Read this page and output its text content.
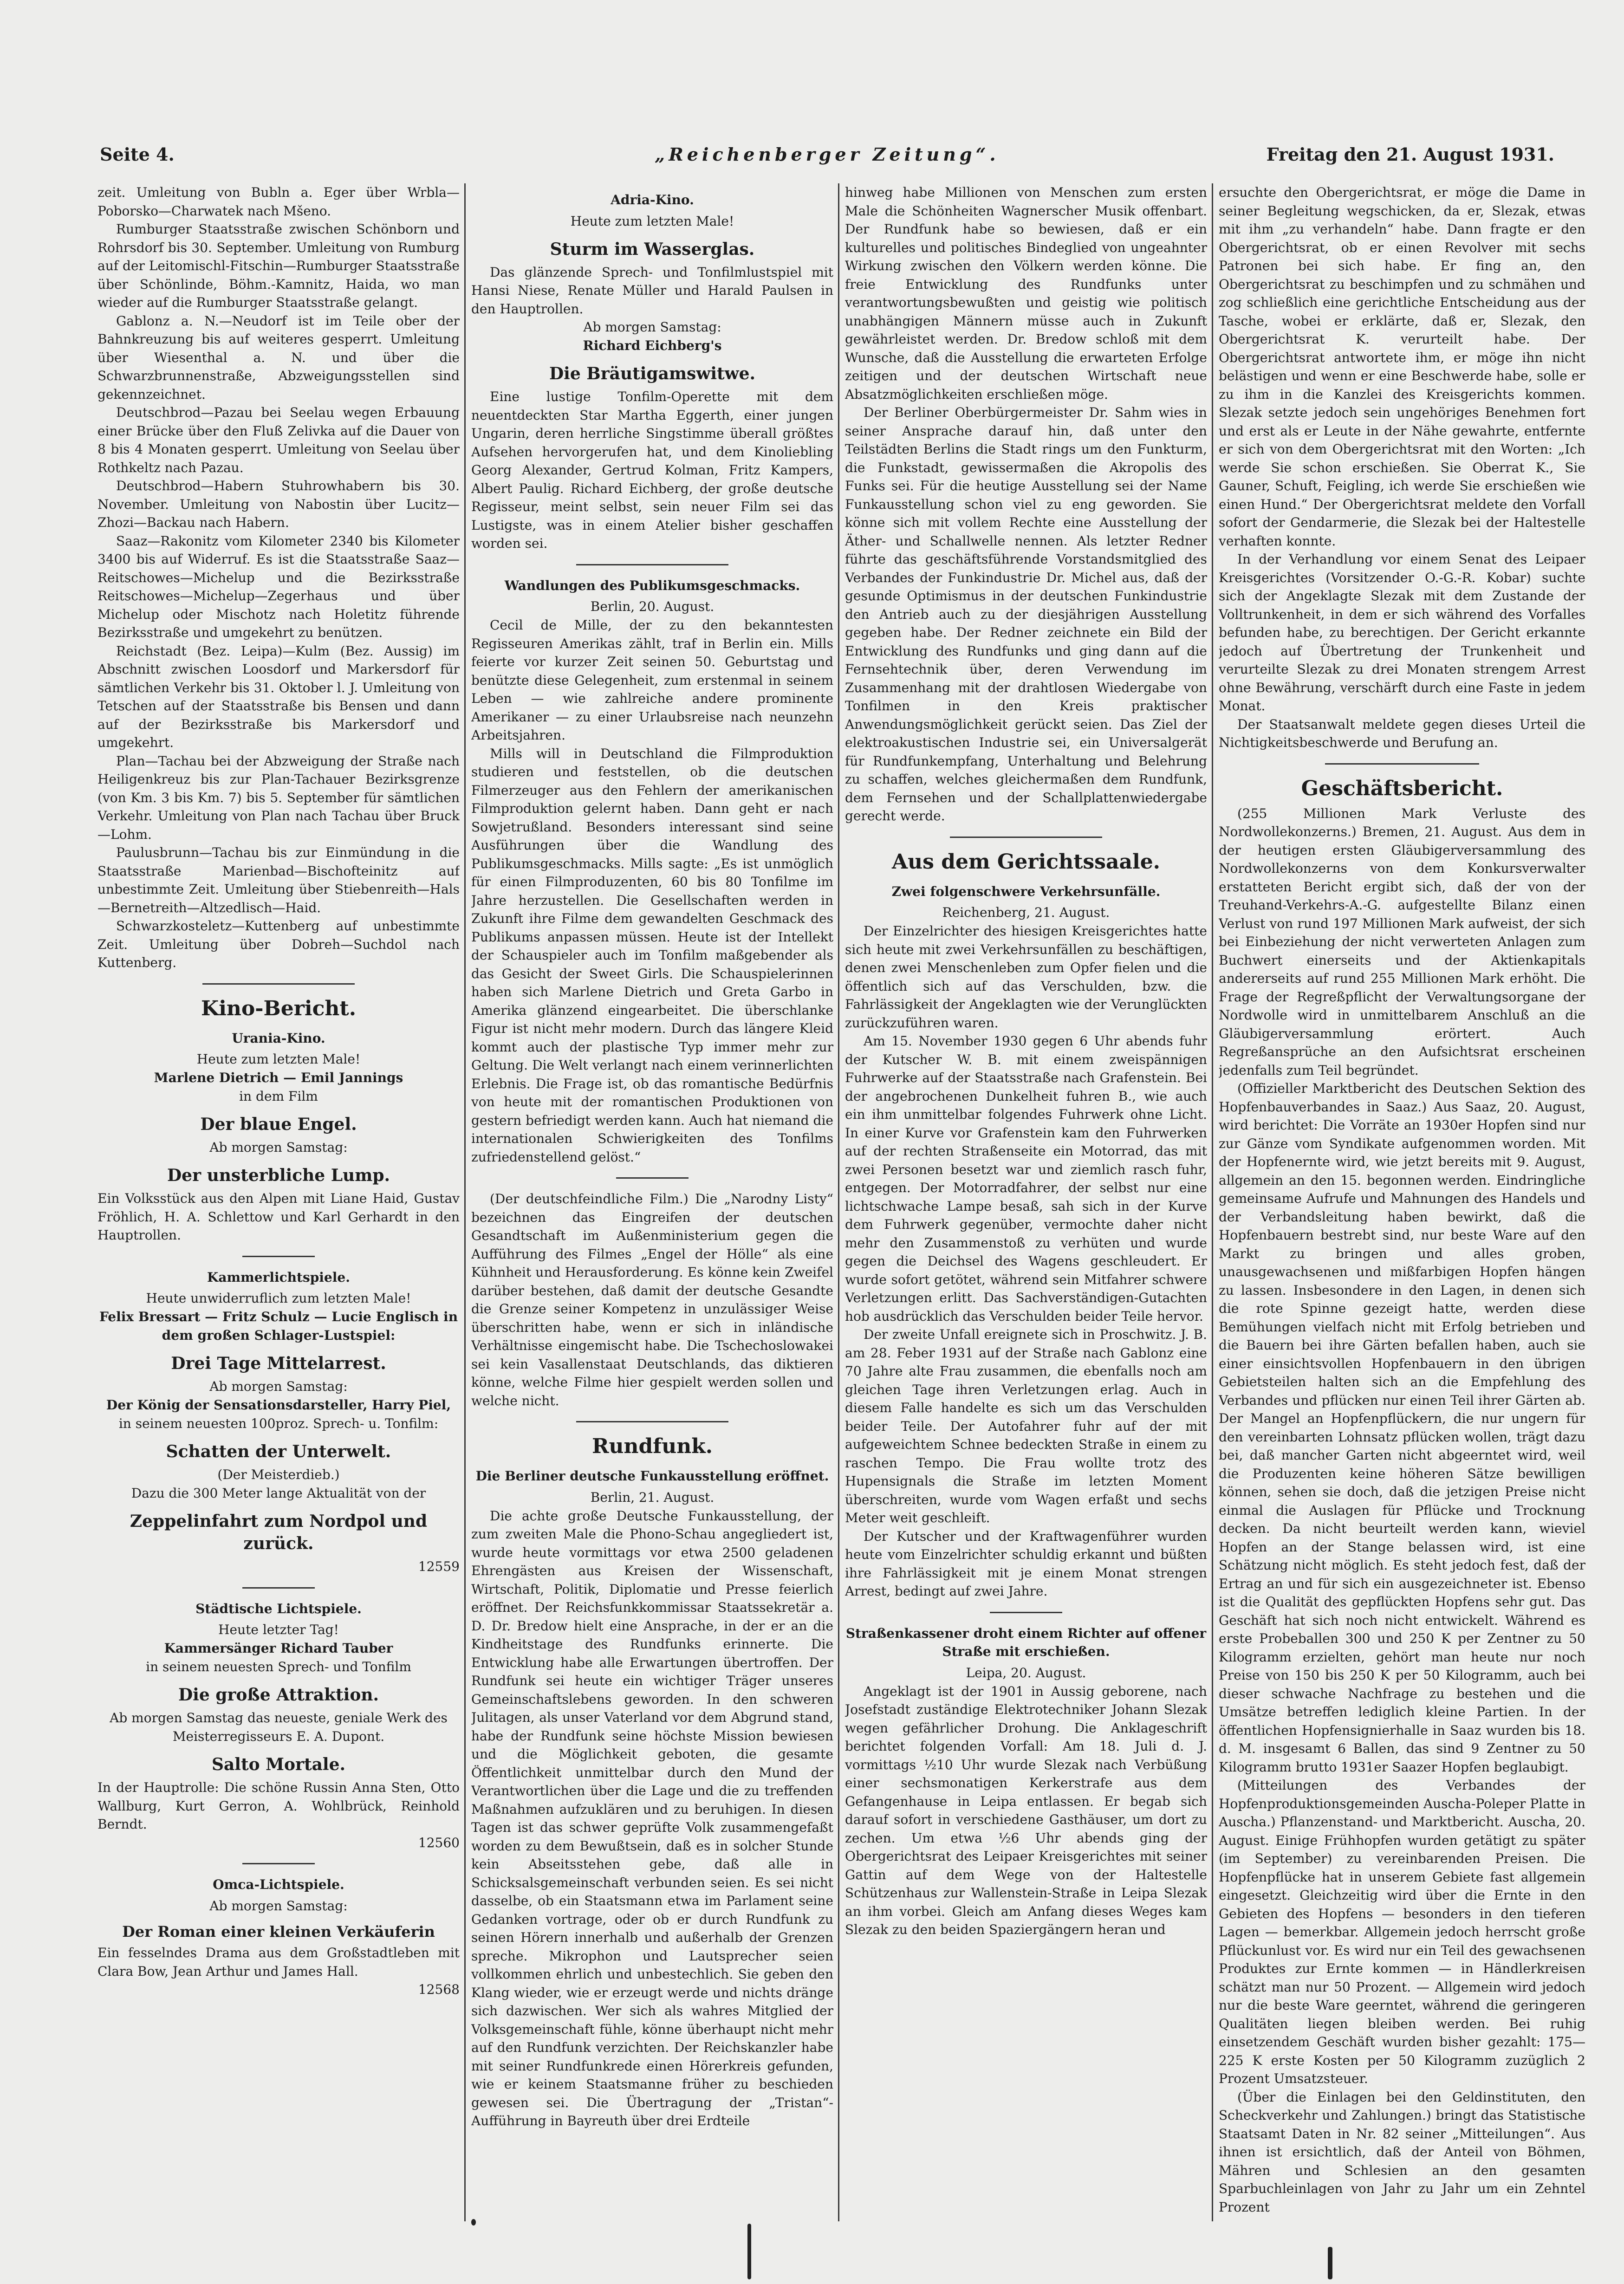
Seite 4.	„Reichenberger Zeitung“.	Freitag den 21. August 1931.

zeit. Umleitung von Bubln a. Eger über Wrbla—Poborsko—Charwatek nach Mšeno.

Rumburger Staatsstraße zwischen Schönborn und Rohrsdorf bis 30. September. Umleitung von Rumburg auf der Leitomischl-Fitschin—Rumburger Staatsstraße über Schönlinde, Böhm.-Kamnitz, Haida, wo man wieder auf die Rumburger Staatsstraße gelangt.

Gablonz a. N.—Neudorf ist im Teile ober der Bahnkreuzung bis auf weiteres gesperrt. Umleitung über Wiesenthal a. N. und über die Schwarzbrunnenstraße, Abzweigungsstellen sind gekennzeichnet.

Deutschbrod—Pazau bei Seelau wegen Erbauung einer Brücke über den Fluß Zelivka auf die Dauer von 8 bis 4 Monaten gesperrt. Umleitung von Seelau über Rothkeltz nach Pazau.

Deutschbrod—Habern Stuhrowhabern bis 30. November. Umleitung von Nabostin über Lucitz—Zhozi—Backau nach Habern.

Saaz—Rakonitz vom Kilometer 2340 bis Kilometer 3400 bis auf Widerruf. Es ist die Staatsstraße Saaz—Reitschowes—Michelup und die Bezirksstraße Reitschowes—Michelup—Zegerhaus und über Michelup oder Mischotz nach Holetitz führende Bezirksstraße und umgekehrt zu benützen.

Reichstadt (Bez. Leipa)—Kulm (Bez. Aussig) im Abschnitt zwischen Loosdorf und Markersdorf für sämtlichen Verkehr bis 31. Oktober l. J. Umleitung von Tetschen auf der Staatsstraße bis Bensen und dann auf der Bezirksstraße bis Markersdorf und umgekehrt.

Plan—Tachau bei der Abzweigung der Straße nach Heiligenkreuz bis zur Plan-Tachauer Bezirksgrenze (von Km. 3 bis Km. 7) bis 5. September für sämtlichen Verkehr. Umleitung von Plan nach Tachau über Bruck—Lohm.

Paulusbrunn—Tachau bis zur Einmündung in die Staatsstraße Marienbad—Bischofteinitz auf unbestimmte Zeit. Umleitung über Stiebenreith—Hals—Bernetreith—Altzedlisch—Haid.

Schwarzkosteletz—Kuttenberg auf unbestimmte Zeit. Umleitung über Dobreh—Suchdol nach Kuttenberg.

Kino-Bericht.
Urania-Kino.
Heute zum letzten Male!
Marlene Dietrich — Emil Jannings
in dem Film
Der blaue Engel.
Ab morgen Samstag:
Der unsterbliche Lump.

Ein Volksstück aus den Alpen mit Liane Haid, Gustav Fröhlich, H. A. Schlettow und Karl Gerhardt in den Hauptrollen.

Kammerlichtspiele.
Heute unwiderruflich zum letzten Male!
Felix Bressart — Fritz Schulz — Lucie Englisch in dem großen Schlager-Lustspiel:
Drei Tage Mittelarrest.
Ab morgen Samstag:
Der König der Sensationsdarsteller, Harry Piel,
in seinem neuesten 100proz. Sprech- u. Tonfilm:
Schatten der Unterwelt.
(Der Meisterdieb.)
Dazu die 300 Meter lange Aktualität von der
Zeppelinfahrt zum Nordpol und zurück.
12559
Städtische Lichtspiele.
Heute letzter Tag!
Kammersänger Richard Tauber
in seinem neuesten Sprech- und Tonfilm
Die große Attraktion.
Ab morgen Samstag das neueste, geniale Werk des Meisterregisseurs E. A. Dupont.
Salto Mortale.

In der Hauptrolle: Die schöne Russin Anna Sten, Otto Wallburg, Kurt Gerron, A. Wohlbrück, Reinhold Berndt.

12560
Omca-Lichtspiele.
Ab morgen Samstag:
Der Roman einer kleinen Verkäuferin

Ein fesselndes Drama aus dem Großstadtleben mit Clara Bow, Jean Arthur und James Hall.

12568
Adria-Kino.
Heute zum letzten Male!
Sturm im Wasserglas.

Das glänzende Sprech- und Tonfilmlustspiel mit Hansi Niese, Renate Müller und Harald Paulsen in den Hauptrollen.

Ab morgen Samstag:
Richard Eichberg's
Die Bräutigamswitwe.

Eine lustige Tonfilm-Operette mit dem neuentdeckten Star Martha Eggerth, einer jungen Ungarin, deren herrliche Singstimme überall größtes Aufsehen hervorgerufen hat, und dem Kinoliebling Georg Alexander, Gertrud Kolman, Fritz Kampers, Albert Paulig. Richard Eichberg, der große deutsche Regisseur, meint selbst, sein neuer Film sei das Lustigste, was in einem Atelier bisher geschaffen worden sei.

Wandlungen des Publikumsgeschmacks.
Berlin, 20. August.

Cecil de Mille, der zu den bekanntesten Regisseuren Amerikas zählt, traf in Berlin ein. Mills feierte vor kurzer Zeit seinen 50. Geburtstag und benützte diese Gelegenheit, zum erstenmal in seinem Leben — wie zahlreiche andere prominente Amerikaner — zu einer Urlaubsreise nach neunzehn Arbeitsjahren.

Mills will in Deutschland die Filmproduktion studieren und feststellen, ob die deutschen Filmerzeuger aus den Fehlern der amerikanischen Filmproduktion gelernt haben. Dann geht er nach Sowjetrußland. Besonders interessant sind seine Ausführungen über die Wandlung des Publikumsgeschmacks. Mills sagte: „Es ist unmöglich für einen Filmproduzenten, 60 bis 80 Tonfilme im Jahre herzustellen. Die Gesellschaften werden in Zukunft ihre Filme dem gewandelten Geschmack des Publikums anpassen müssen. Heute ist der Intellekt der Schauspieler auch im Tonfilm maßgebender als das Gesicht der Sweet Girls. Die Schauspielerinnen haben sich Marlene Dietrich und Greta Garbo in Amerika glänzend eingearbeitet. Die überschlanke Figur ist nicht mehr modern. Durch das längere Kleid kommt auch der plastische Typ immer mehr zur Geltung. Die Welt verlangt nach einem verinnerlichten Erlebnis. Die Frage ist, ob das romantische Bedürfnis von heute mit der romantischen Produktionen von gestern befriedigt werden kann. Auch hat niemand die internationalen Schwierigkeiten des Tonfilms zufriedenstellend gelöst.“

(Der deutschfeindliche Film.) Die „Narodny Listy“ bezeichnen das Eingreifen der deutschen Gesandtschaft im Außenministerium gegen die Aufführung des Filmes „Engel der Hölle“ als eine Kühnheit und Herausforderung. Es könne kein Zweifel darüber bestehen, daß damit der deutsche Gesandte die Grenze seiner Kompetenz in unzulässiger Weise überschritten habe, wenn er sich in inländische Verhältnisse eingemischt habe. Die Tschechoslowakei sei kein Vasallenstaat Deutschlands, das diktieren könne, welche Filme hier gespielt werden sollen und welche nicht.

Rundfunk.
Die Berliner deutsche Funkausstellung eröffnet.
Berlin, 21. August.

Die achte große Deutsche Funkausstellung, der zum zweiten Male die Phono-Schau angegliedert ist, wurde heute vormittags vor etwa 2500 geladenen Ehrengästen aus Kreisen der Wissenschaft, Wirtschaft, Politik, Diplomatie und Presse feierlich eröffnet. Der Reichsfunkkommissar Staatssekretär a. D. Dr. Bredow hielt eine Ansprache, in der er an die Kindheitstage des Rundfunks erinnerte. Die Entwicklung habe alle Erwartungen übertroffen. Der Rundfunk sei heute ein wichtiger Träger unseres Gemeinschaftslebens geworden. In den schweren Julitagen, als unser Vaterland vor dem Abgrund stand, habe der Rundfunk seine höchste Mission bewiesen und die Möglichkeit geboten, die gesamte Öffentlichkeit unmittelbar durch den Mund der Verantwortlichen über die Lage und die zu treffenden Maßnahmen aufzuklären und zu beruhigen. In diesen Tagen ist das schwer geprüfte Volk zusammengefaßt worden zu dem Bewußtsein, daß es in solcher Stunde kein Abseitsstehen gebe, daß alle in Schicksalsgemeinschaft verbunden seien. Es sei nicht dasselbe, ob ein Staatsmann etwa im Parlament seine Gedanken vortrage, oder ob er durch Rundfunk zu seinen Hörern innerhalb und außerhalb der Grenzen spreche. Mikrophon und Lautsprecher seien vollkommen ehrlich und unbestechlich. Sie geben den Klang wieder, wie er erzeugt werde und nichts dränge sich dazwischen. Wer sich als wahres Mitglied der Volksgemeinschaft fühle, könne überhaupt nicht mehr auf den Rundfunk verzichten. Der Reichskanzler habe mit seiner Rundfunkrede einen Hörerkreis gefunden, wie er keinem Staatsmanne früher zu beschieden gewesen sei. Die Übertragung der „Tristan“-Aufführung in Bayreuth über drei Erdteile

hinweg habe Millionen von Menschen zum ersten Male die Schönheiten Wagnerscher Musik offenbart. Der Rundfunk habe so bewiesen, daß er ein kulturelles und politisches Bindeglied von ungeahnter Wirkung zwischen den Völkern werden könne. Die freie Entwicklung des Rundfunks unter verantwortungsbewußten und geistig wie politisch unabhängigen Männern müsse auch in Zukunft gewährleistet werden. Dr. Bredow schloß mit dem Wunsche, daß die Ausstellung die erwarteten Erfolge zeitigen und der deutschen Wirtschaft neue Absatzmöglichkeiten erschließen möge.

Der Berliner Oberbürgermeister Dr. Sahm wies in seiner Ansprache darauf hin, daß unter den Teilstädten Berlins die Stadt rings um den Funkturm, die Funkstadt, gewissermaßen die Akropolis des Funks sei. Für die heutige Ausstellung sei der Name Funkausstellung schon viel zu eng geworden. Sie könne sich mit vollem Rechte eine Ausstellung der Äther- und Schallwelle nennen. Als letzter Redner führte das geschäftsführende Vorstandsmitglied des Verbandes der Funkindustrie Dr. Michel aus, daß der gesunde Optimismus in der deutschen Funkindustrie den Antrieb auch zu der diesjährigen Ausstellung gegeben habe. Der Redner zeichnete ein Bild der Entwicklung des Rundfunks und ging dann auf die Fernsehtechnik über, deren Verwendung im Zusammenhang mit der drahtlosen Wiedergabe von Tonfilmen in den Kreis praktischer Anwendungsmöglichkeit gerückt seien. Das Ziel der elektroakustischen Industrie sei, ein Universalgerät für Rundfunkempfang, Unterhaltung und Belehrung zu schaffen, welches gleichermaßen dem Rundfunk, dem Fernsehen und der Schallplattenwiedergabe gerecht werde.

Aus dem Gerichtssaale.
Zwei folgenschwere Verkehrsunfälle.
Reichenberg, 21. August.

Der Einzelrichter des hiesigen Kreisgerichtes hatte sich heute mit zwei Verkehrsunfällen zu beschäftigen, denen zwei Menschenleben zum Opfer fielen und die öffentlich sich auf das Verschulden, bzw. die Fahrlässigkeit der Angeklagten wie der Verunglückten zurückzuführen waren.

Am 15. November 1930 gegen 6 Uhr abends fuhr der Kutscher W. B. mit einem zweispännigen Fuhrwerke auf der Staatsstraße nach Grafenstein. Bei der angebrochenen Dunkelheit fuhren B., wie auch ein ihm unmittelbar folgendes Fuhrwerk ohne Licht. In einer Kurve vor Grafenstein kam den Fuhrwerken auf der rechten Straßenseite ein Motorrad, das mit zwei Personen besetzt war und ziemlich rasch fuhr, entgegen. Der Motorradfahrer, der selbst nur eine lichtschwache Lampe besaß, sah sich in der Kurve dem Fuhrwerk gegenüber, vermochte daher nicht mehr den Zusammenstoß zu verhüten und wurde gegen die Deichsel des Wagens geschleudert. Er wurde sofort getötet, während sein Mitfahrer schwere Verletzungen erlitt. Das Sachverständigen-Gutachten hob ausdrücklich das Verschulden beider Teile hervor.

Der zweite Unfall ereignete sich in Proschwitz. J. B. am 28. Feber 1931 auf der Straße nach Gablonz eine 70 Jahre alte Frau zusammen, die ebenfalls noch am gleichen Tage ihren Verletzungen erlag. Auch in diesem Falle handelte es sich um das Verschulden beider Teile. Der Autofahrer fuhr auf der mit aufgeweichtem Schnee bedeckten Straße in einem zu raschen Tempo. Die Frau wollte trotz des Hupensignals die Straße im letzten Moment überschreiten, wurde vom Wagen erfaßt und sechs Meter weit geschleift.

Der Kutscher und der Kraftwagenführer wurden heute vom Einzelrichter schuldig erkannt und büßten ihre Fahrlässigkeit mit je einem Monat strengen Arrest, bedingt auf zwei Jahre.

Straßenkassener droht einem Richter auf offener Straße mit erschießen.
Leipa, 20. August.

Angeklagt ist der 1901 in Aussig geborene, nach Josefstadt zuständige Elektrotechniker Johann Slezak wegen gefährlicher Drohung. Die Anklageschrift berichtet folgenden Vorfall: Am 18. Juli d. J. vormittags ½10 Uhr wurde Slezak nach Verbüßung einer sechsmonatigen Kerkerstrafe aus dem Gefangenhause in Leipa entlassen. Er begab sich darauf sofort in verschiedene Gasthäuser, um dort zu zechen. Um etwa ½6 Uhr abends ging der Obergerichtsrat des Leipaer Kreisgerichtes mit seiner Gattin auf dem Wege von der Haltestelle Schützenhaus zur Wallenstein-Straße in Leipa Slezak an ihm vorbei. Gleich am Anfang dieses Weges kam Slezak zu den beiden Spaziergängern heran und

ersuchte den Obergerichtsrat, er möge die Dame in seiner Begleitung wegschicken, da er, Slezak, etwas mit ihm „zu verhandeln“ habe. Dann fragte er den Obergerichtsrat, ob er einen Revolver mit sechs Patronen bei sich habe. Er fing an, den Obergerichtsrat zu beschimpfen und zu schmähen und zog schließlich eine gerichtliche Entscheidung aus der Tasche, wobei er erklärte, daß er, Slezak, den Obergerichtsrat K. verurteilt habe. Der Obergerichtsrat antwortete ihm, er möge ihn nicht belästigen und wenn er eine Beschwerde habe, solle er zu ihm in die Kanzlei des Kreisgerichts kommen. Slezak setzte jedoch sein ungehöriges Benehmen fort und erst als er Leute in der Nähe gewahrte, entfernte er sich von dem Obergerichtsrat mit den Worten: „Ich werde Sie schon erschießen. Sie Oberrat K., Sie Gauner, Schuft, Feigling, ich werde Sie erschießen wie einen Hund.“ Der Obergerichtsrat meldete den Vorfall sofort der Gendarmerie, die Slezak bei der Haltestelle verhaften konnte.

In der Verhandlung vor einem Senat des Leipaer Kreisgerichtes (Vorsitzender O.-G.-R. Kobar) suchte sich der Angeklagte Slezak mit dem Zustande der Volltrunkenheit, in dem er sich während des Vorfalles befunden habe, zu berechtigen. Der Gericht erkannte jedoch auf Übertretung der Trunkenheit und verurteilte Slezak zu drei Monaten strengem Arrest ohne Bewährung, verschärft durch eine Faste in jedem Monat.

Der Staatsanwalt meldete gegen dieses Urteil die Nichtigkeitsbeschwerde und Berufung an.

Geschäftsbericht.

(255 Millionen Mark Verluste des Nordwollekonzerns.) Bremen, 21. August. Aus dem in der heutigen ersten Gläubigerversammlung des Nordwollekonzerns von dem Konkursverwalter erstatteten Bericht ergibt sich, daß der von der Treuhand-Verkehrs-A.-G. aufgestellte Bilanz einen Verlust von rund 197 Millionen Mark aufweist, der sich bei Einbeziehung der nicht verwerteten Anlagen zum Buchwert einerseits und der Aktienkapitals andererseits auf rund 255 Millionen Mark erhöht. Die Frage der Regreßpflicht der Verwaltungsorgane der Nordwolle wird in unmittelbarem Anschluß an die Gläubigerversammlung erörtert. Auch Regreßansprüche an den Aufsichtsrat erscheinen jedenfalls zum Teil begründet.

(Offizieller Marktbericht des Deutschen Sektion des Hopfenbauverbandes in Saaz.) Aus Saaz, 20. August, wird berichtet: Die Vorräte an 1930er Hopfen sind nur zur Gänze vom Syndikate aufgenommen worden. Mit der Hopfenernte wird, wie jetzt bereits mit 9. August, allgemein an den 15. begonnen werden. Eindringliche gemeinsame Aufrufe und Mahnungen des Handels und der Verbandsleitung haben bewirkt, daß die Hopfenbauern bestrebt sind, nur beste Ware auf den Markt zu bringen und alles groben, unausgewachsenen und mißfarbigen Hopfen hängen zu lassen. Insbesondere in den Lagen, in denen sich die rote Spinne gezeigt hatte, werden diese Bemühungen vielfach nicht mit Erfolg betrieben und die Bauern bei ihre Gärten befallen haben, auch sie einer einsichtsvollen Hopfenbauern in den übrigen Gebietsteilen halten sich an die Empfehlung des Verbandes und pflücken nur einen Teil ihrer Gärten ab. Der Mangel an Hopfenpflückern, die nur ungern für den vereinbarten Lohnsatz pflücken wollen, trägt dazu bei, daß mancher Garten nicht abgeerntet wird, weil die Produzenten keine höheren Sätze bewilligen können, sehen sie doch, daß die jetzigen Preise nicht einmal die Auslagen für Pflücke und Trocknung decken. Da nicht beurteilt werden kann, wieviel Hopfen an der Stange belassen wird, ist eine Schätzung nicht möglich. Es steht jedoch fest, daß der Ertrag an und für sich ein ausgezeichneter ist. Ebenso ist die Qualität des gepflückten Hopfens sehr gut. Das Geschäft hat sich noch nicht entwickelt. Während es erste Probeballen 300 und 250 K per Zentner zu 50 Kilogramm erzielten, gehört man heute nur noch Preise von 150 bis 250 K per 50 Kilogramm, auch bei dieser schwache Nachfrage zu bestehen und die Umsätze betreffen lediglich kleine Partien. In der öffentlichen Hopfensignierhalle in Saaz wurden bis 18. d. M. insgesamt 6 Ballen, das sind 9 Zentner zu 50 Kilogramm brutto 1931er Saazer Hopfen beglaubigt.

(Mitteilungen des Verbandes der Hopfenproduktionsgemeinden Auscha-Poleper Platte in Auscha.) Pflanzenstand- und Marktbericht. Auscha, 20. August. Einige Frühhopfen wurden getätigt zu später (im September) zu vereinbarenden Preisen. Die Hopfenpflücke hat in unserem Gebiete fast allgemein eingesetzt. Gleichzeitig wird über die Ernte in den Gebieten des Hopfens — besonders in den tieferen Lagen — bemerkbar. Allgemein jedoch herrscht große Pflückunlust vor. Es wird nur ein Teil des gewachsenen Produktes zur Ernte kommen — in Händlerkreisen schätzt man nur 50 Prozent. — Allgemein wird jedoch nur die beste Ware geerntet, während die geringeren Qualitäten liegen bleiben werden. Bei ruhig einsetzendem Geschäft wurden bisher gezahlt: 175—225 K erste Kosten per 50 Kilogramm zuzüglich 2 Prozent Umsatzsteuer.

(Über die Einlagen bei den Geldinstituten, den Scheckverkehr und Zahlungen.) bringt das Statistische Staatsamt Daten in Nr. 82 seiner „Mitteilungen“. Aus ihnen ist ersichtlich, daß der Anteil von Böhmen, Mähren und Schlesien an den gesamten Sparbuchleinlagen von Jahr zu Jahr um ein Zehntel Prozent
